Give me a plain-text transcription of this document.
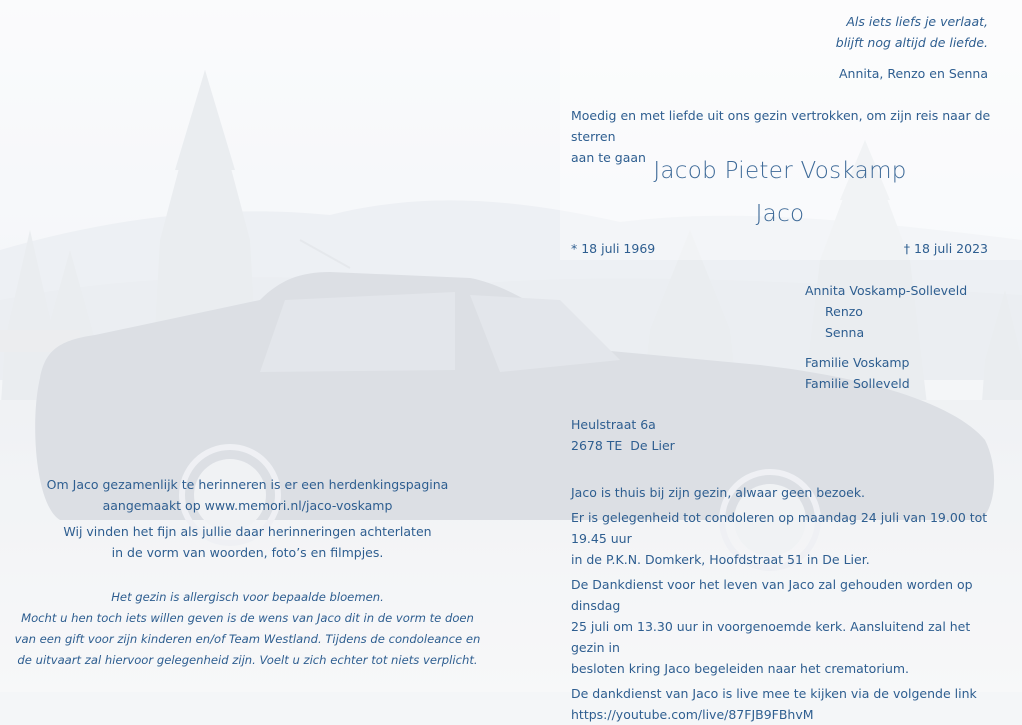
Als iets liefs je verlaat,
blijft nog altijd de liefde.
Annita, Renzo en Senna
Moedig en met liefde uit ons gezin vertrokken, om zijn reis naar de sterren
aan te gaan
Jacob Pieter Voskamp
Jaco
* 18 juli 1969	† 18 juli 2023
Annita Voskamp-Solleveld
Renzo
Senna
Familie Voskamp
Familie Solleveld
Heulstraat 6a
2678 TE  De Lier
Jaco is thuis bij zijn gezin, alwaar geen bezoek.
Er is gelegenheid tot condoleren op maandag 24 juli van 19.00 tot 19.45 uur
in de P.K.N. Domkerk, Hoofdstraat 51 in De Lier.
De Dankdienst voor het leven van Jaco zal gehouden worden op dinsdag
25 juli om 13.30 uur in voorgenoemde kerk. Aansluitend zal het gezin in
besloten kring Jaco begeleiden naar het crematorium.
De dankdienst van Jaco is live mee te kijken via de volgende link
https://youtube.com/live/87FJB9FBhvM
Om Jaco gezamenlijk te herinneren is er een herdenkingspagina
aangemaakt op www.memori.nl/jaco-voskamp
Wij vinden het fijn als jullie daar herinneringen achterlaten
in de vorm van woorden, foto’s en filmpjes.
Het gezin is allergisch voor bepaalde bloemen.
Mocht u hen toch iets willen geven is de wens van Jaco dit in de vorm te doen
van een gift voor zijn kinderen en/of Team Westland. Tijdens de condoleance en
de uitvaart zal hiervoor gelegenheid zijn. Voelt u zich echter tot niets verplicht.
